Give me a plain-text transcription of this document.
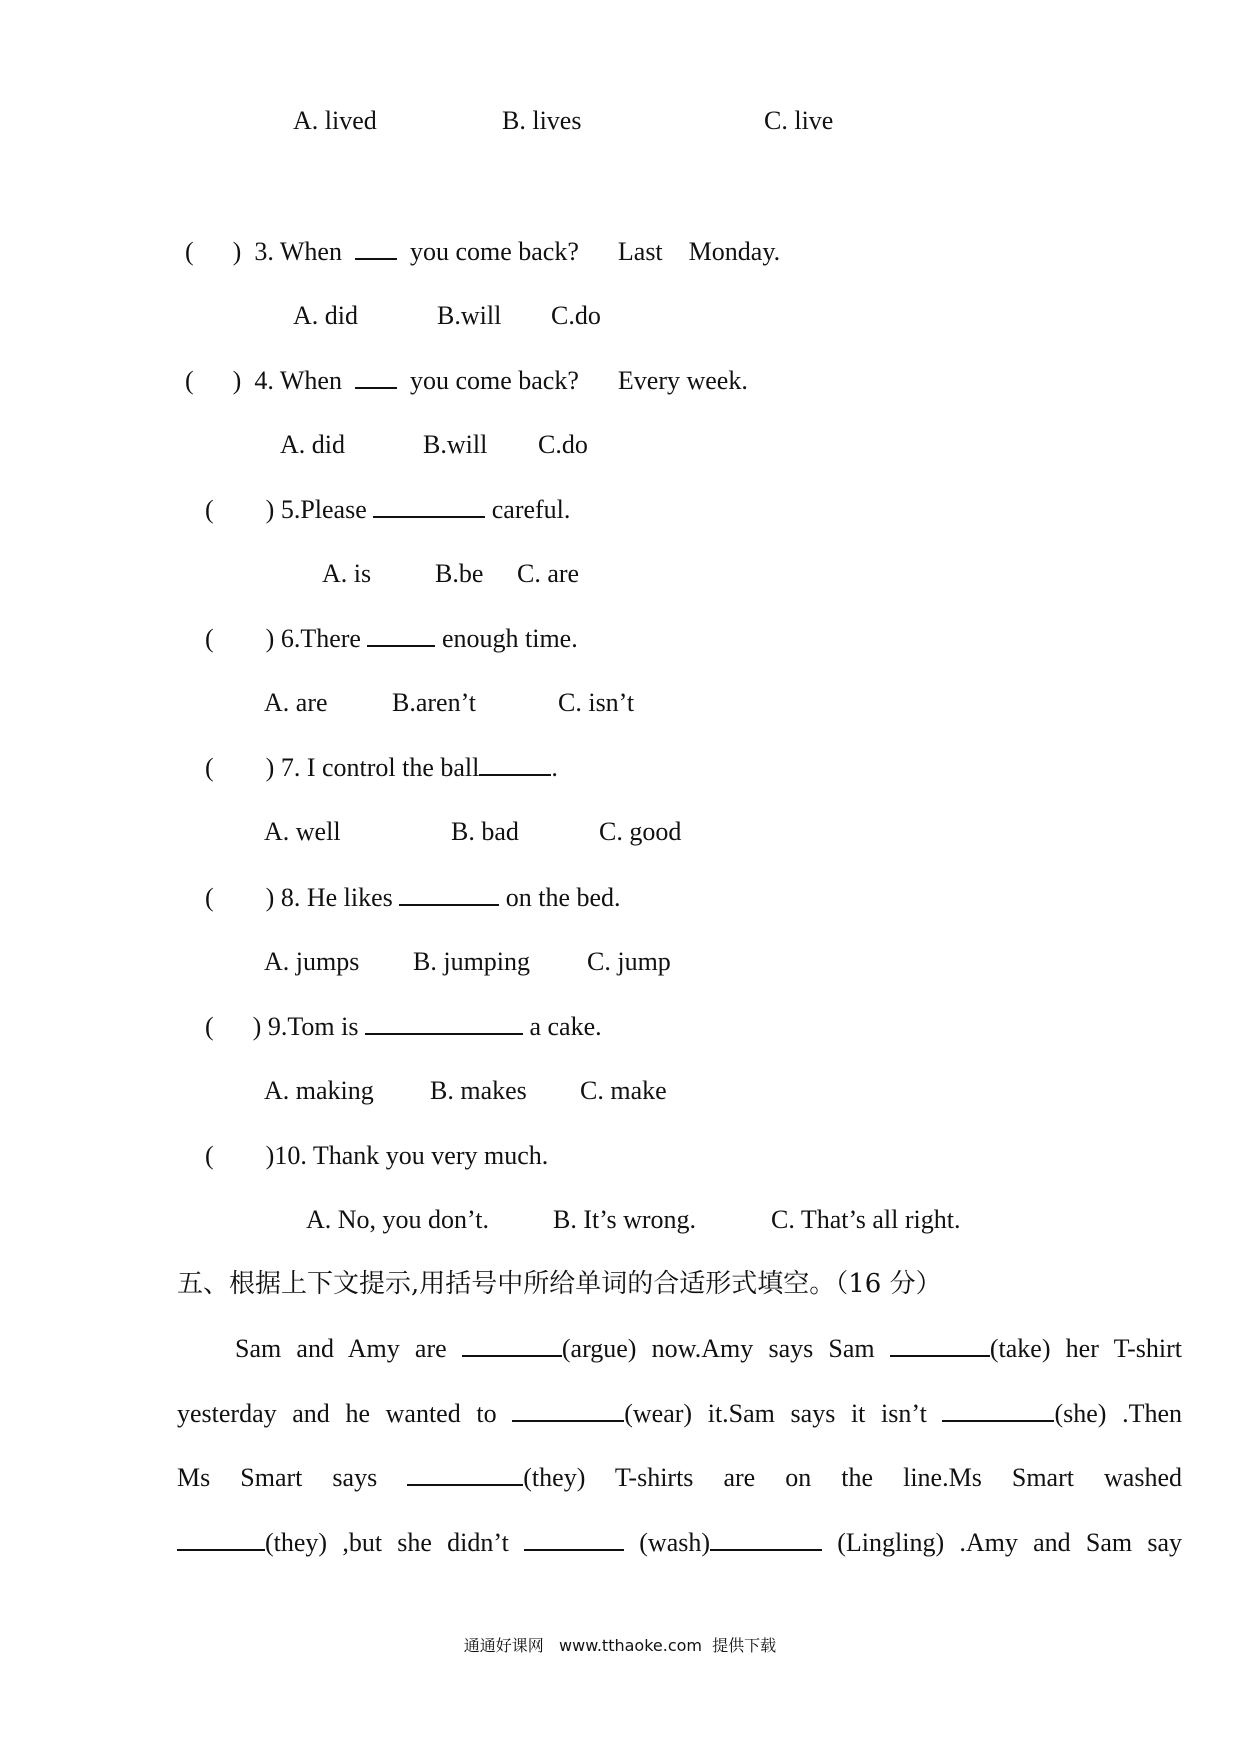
A. lived	B. lives	C. live
(      ) 3. When	you come back? Last    Monday.
A. did	B.will C.do
(      ) 4. When	you come back? Every week.
A. did	B.will C.do
(        ) 5.Please	careful.
A. is B.be C. are
(        ) 6.There	enough time.
A. are B.aren’t	C. isn’t
(        ) 7. I control the ball	.
A. well	B. bad	C. good
(        ) 8. He likes	on the bed.
A. jumps B. jumping C. jump
(      ) 9.Tom is	a cake.
A. making B. makes C. make
(        )10. Thank you very much.
A. No, you don’t. B. It’s wrong.	C. That’s all right.
五、根据上下文提示,用括号中所给单词的合适形式填空。（16 分）
Sam and Amy are	(argue) now.Amy says Sam	(take) her T-shirt
yesterday and he wanted to	(wear) it.Sam says it isn’t	(she) .Then
Ms Smart says	(they) T-shirts are on the line.Ms Smart washed
(they) ,but she didn’t	(wash)	(Lingling) .Amy and Sam say
通通好课网   www.tthaoke.com  提供下载
